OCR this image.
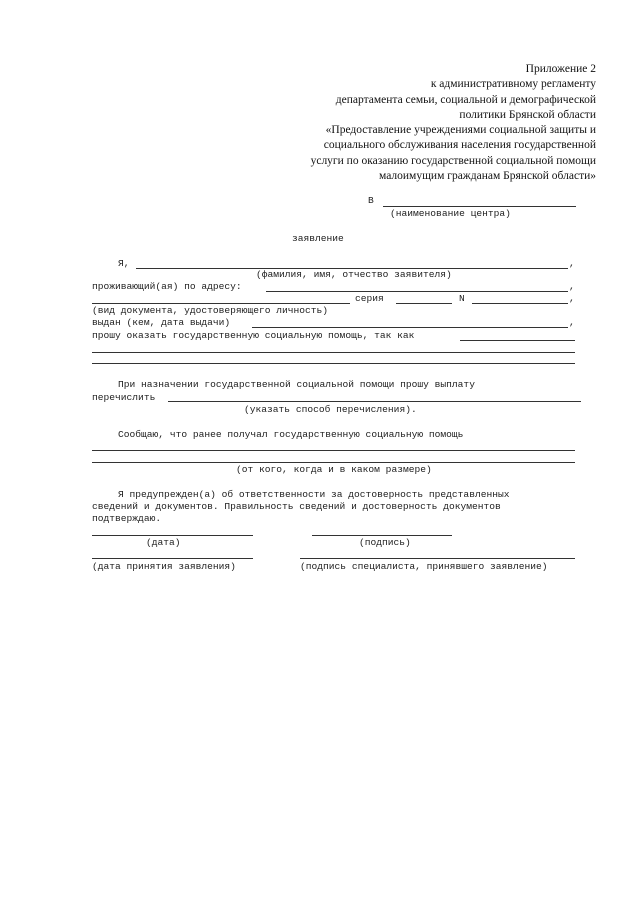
Приложение 2
к административному регламенту
департамента семьи, социальной и демографической
политики Брянской области
«Предоставление учреждениями социальной защиты и
социального обслуживания населения государственной
услуги по оказанию государственной социальной помощи
малоимущим гражданам Брянской области»
В
(наименование центра)
заявление
Я,	,
(фамилия, имя, отчество заявителя)
проживающий(ая) по адресу:	,
серия	N	,
(вид документа, удостоверяющего личность)
выдан (кем, дата выдачи)	,
прошу оказать государственную социальную помощь, так как
При назначении государственной социальной помощи прошу выплату
перечислить
(указать способ перечисления).
Сообщаю, что ранее получал государственную социальную помощь
(от кого, когда и в каком размере)
Я предупрежден(а) об ответственности за достоверность представленных
сведений и документов. Правильность сведений и достоверность документов
подтверждаю.
(дата)	(подпись)
(дата принятия заявления)	(подпись специалиста, принявшего заявление)
